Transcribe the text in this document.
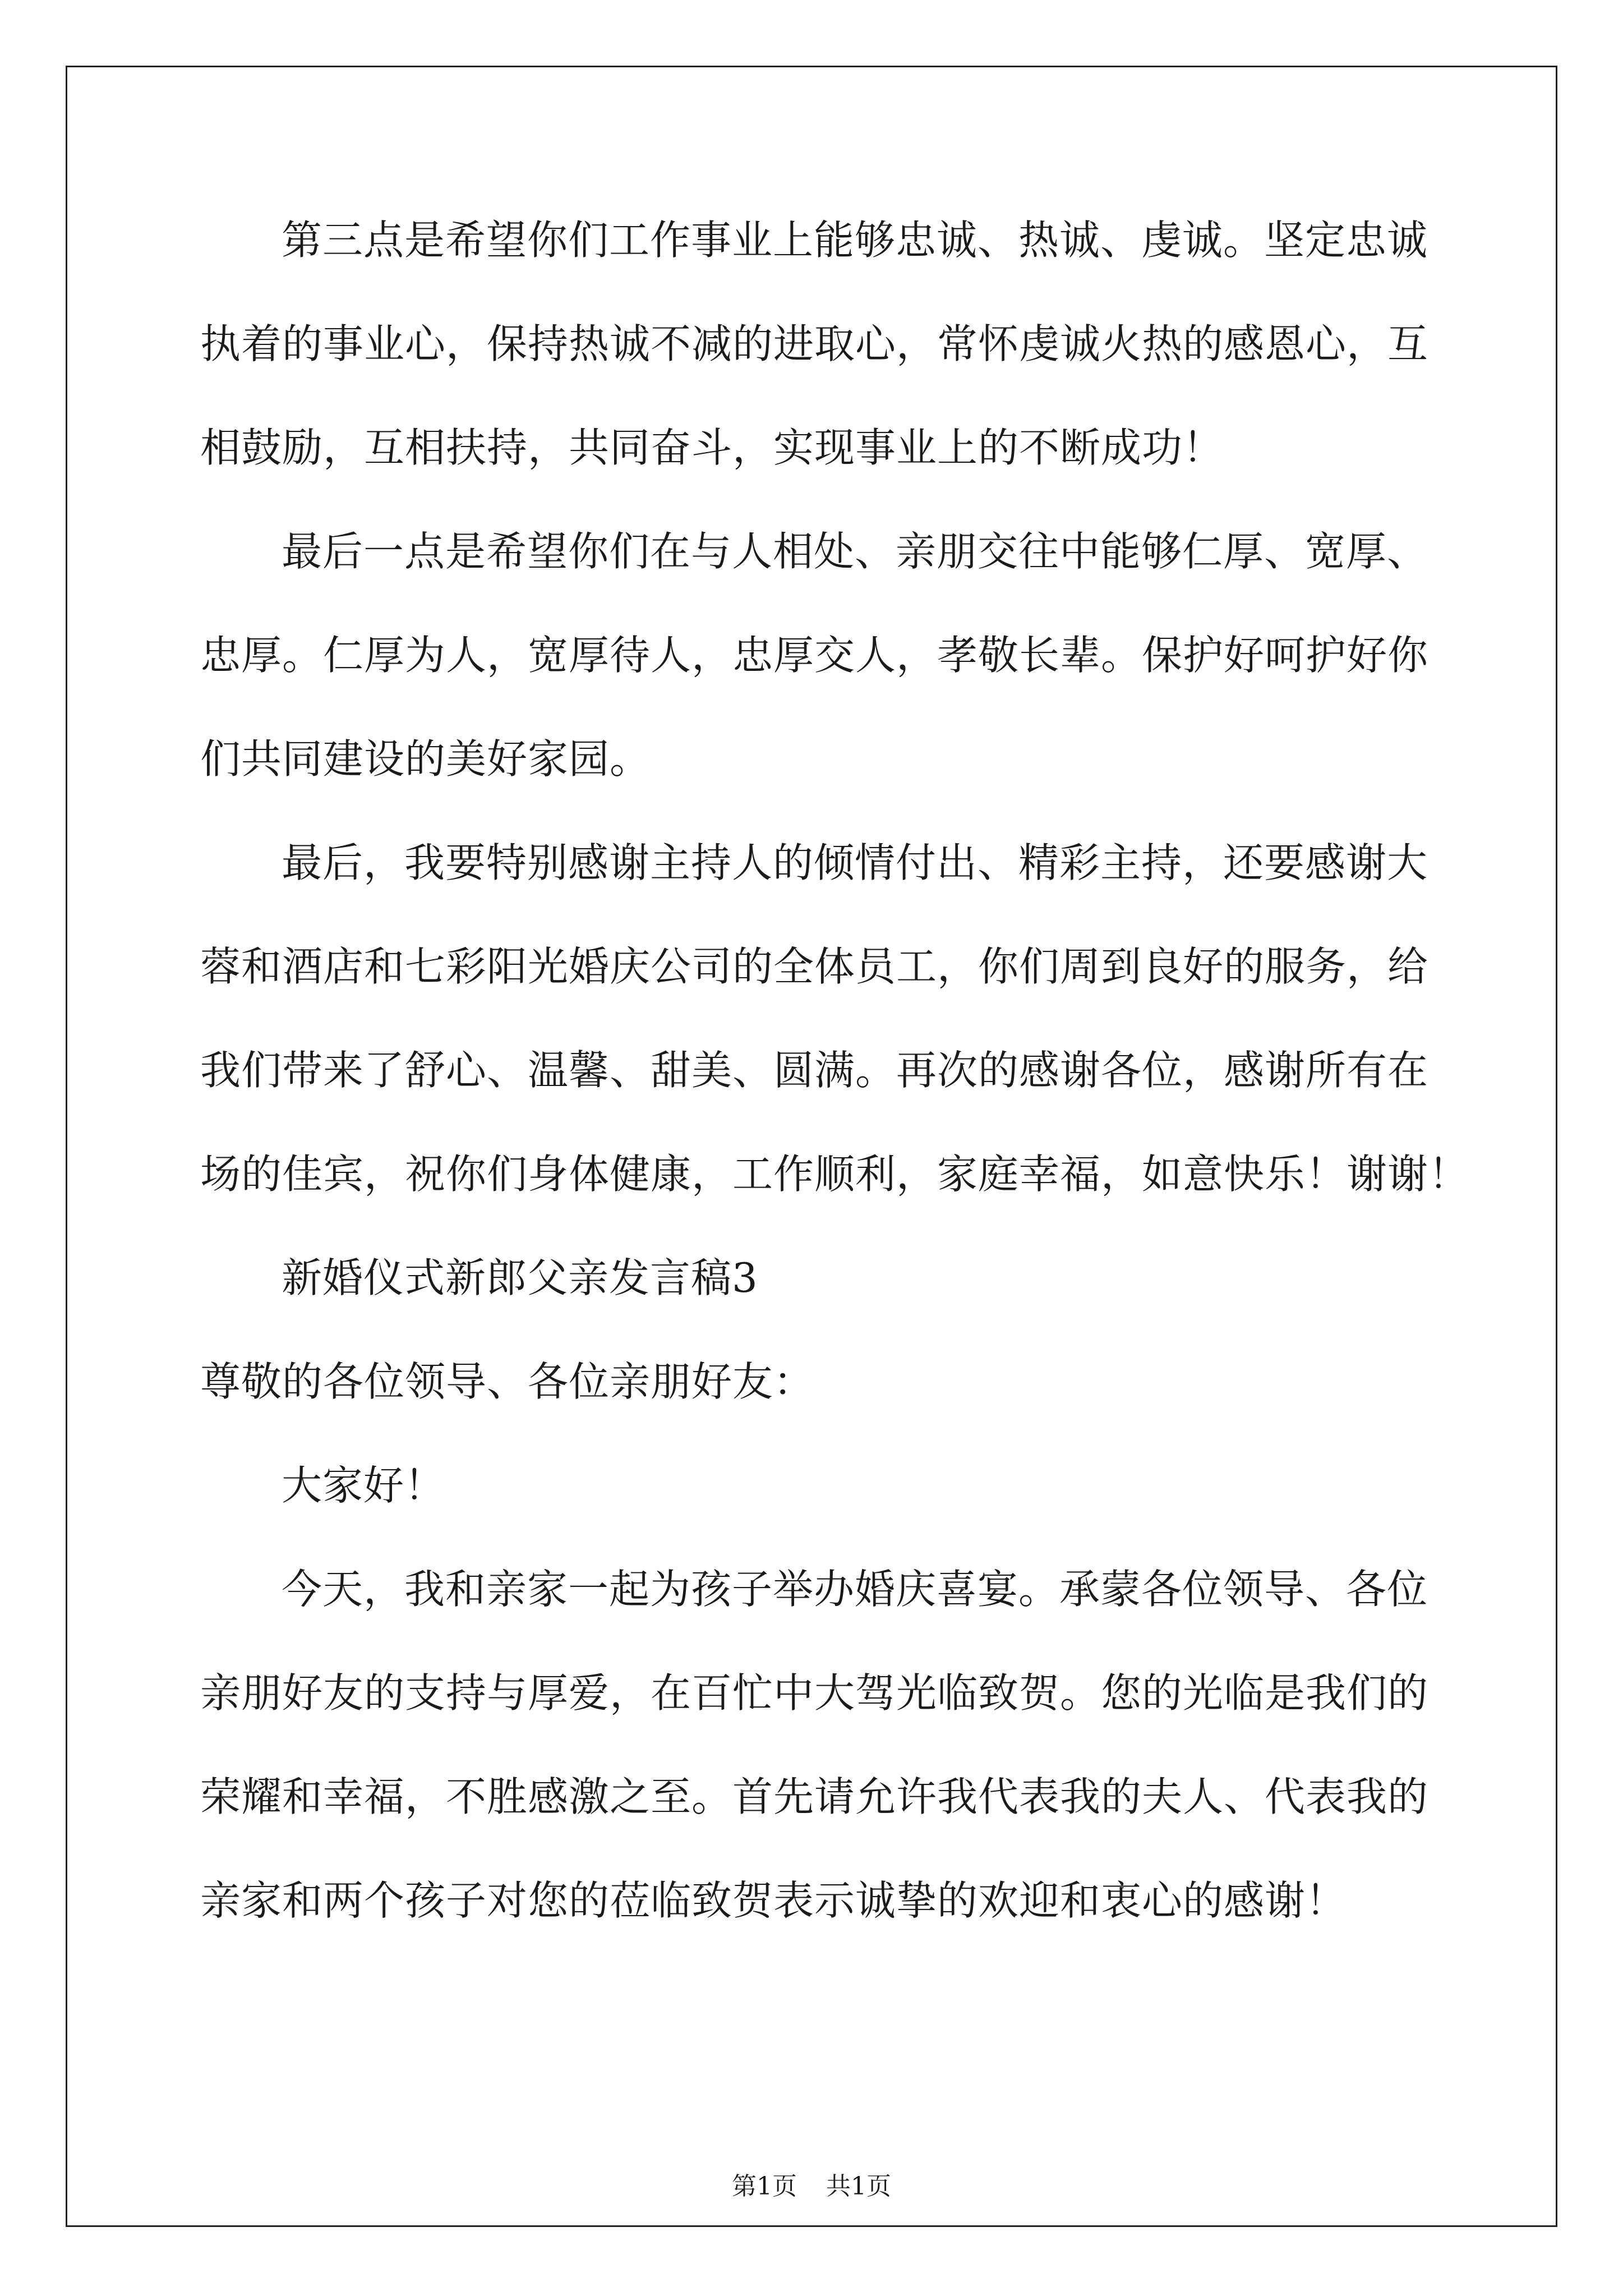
第三点是希望你们工作事业上能够忠诚、热诚、虔诚。坚定忠诚
执着的事业心，保持热诚不减的进取心，常怀虔诚火热的感恩心，互
相鼓励，互相扶持，共同奋斗，实现事业上的不断成功！
最后一点是希望你们在与人相处、亲朋交往中能够仁厚、宽厚、
忠厚。仁厚为人，宽厚待人，忠厚交人，孝敬长辈。保护好呵护好你
们共同建设的美好家园。
最后，我要特别感谢主持人的倾情付出、精彩主持，还要感谢大
蓉和酒店和七彩阳光婚庆公司的全体员工，你们周到良好的服务，给
我们带来了舒心、温馨、甜美、圆满。再次的感谢各位，感谢所有在
场的佳宾，祝你们身体健康，工作顺利，家庭幸福，如意快乐！谢谢！
新婚仪式新郎父亲发言稿3
尊敬的各位领导、各位亲朋好友：
大家好！
今天，我和亲家一起为孩子举办婚庆喜宴。承蒙各位领导、各位
亲朋好友的支持与厚爱，在百忙中大驾光临致贺。您的光临是我们的
荣耀和幸福，不胜感激之至。首先请允许我代表我的夫人、代表我的
亲家和两个孩子对您的莅临致贺表示诚挚的欢迎和衷心的感谢！
第1页 共1页
